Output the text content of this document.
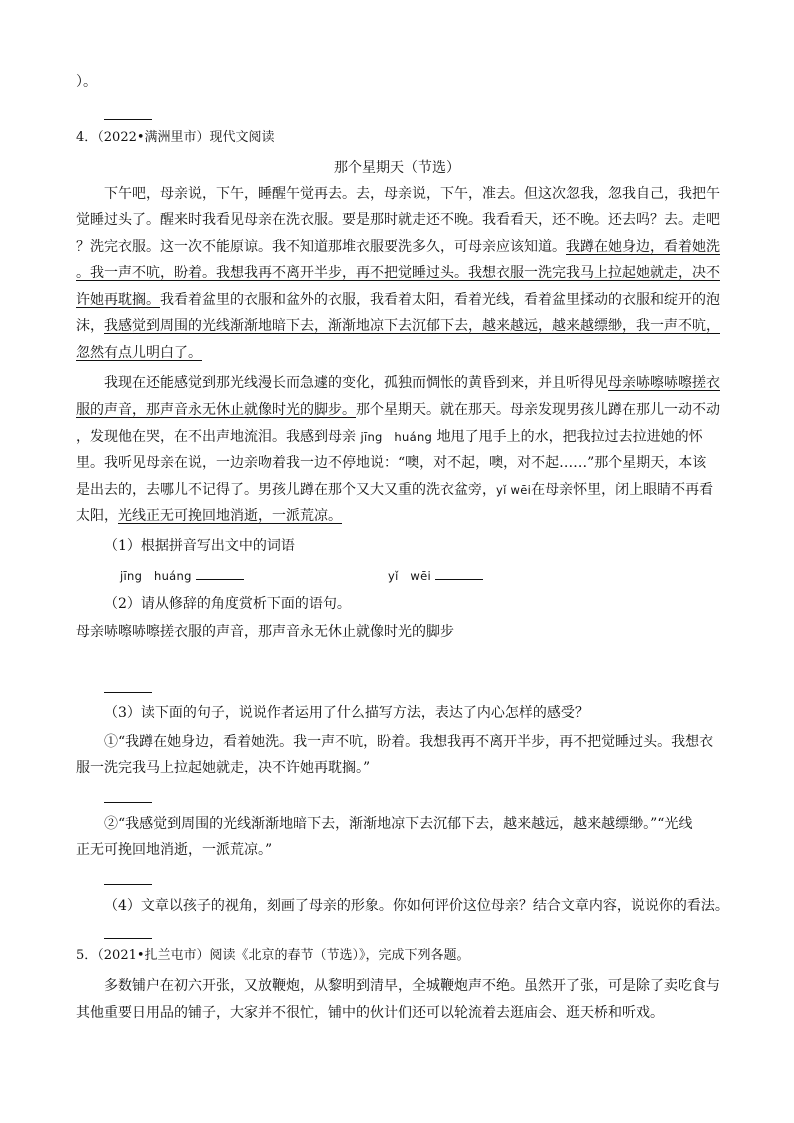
）。
4．（2022•满洲里市）现代文阅读
那个星期天（节选）
下午吧，母亲说，下午，睡醒午觉再去。去，母亲说，下午，准去。但这次忽我，忽我自己，我把午
觉睡过头了。醒来时我看见母亲在洗衣服。要是那时就走还不晚。我看看天，还不晚。还去吗？去。走吧
？洗完衣服。这一次不能原谅。我不知道那堆衣服要洗多久，可母亲应该知道。我蹲在她身边，看着她洗
。我一声不吭，盼着。我想我再不离开半步，再不把觉睡过头。我想衣服一洗完我马上拉起她就走，决不
许她再耽搁。我看着盆里的衣服和盆外的衣服，我看着太阳，看着光线，看着盆里揉动的衣服和绽开的泡
沫，我感觉到周围的光线渐渐地暗下去，渐渐地凉下去沉郁下去，越来越远，越来越缥缈，我一声不吭，
忽然有点儿明白了。
我现在还能感觉到那光线漫长而急遽的变化，孤独而惆怅的黄昏到来，并且听得见母亲哧嚓哧嚓搓衣
服的声音，那声音永无休止就像时光的脚步。那个星期天。就在那天。母亲发现男孩儿蹲在那儿一动不动
，发现他在哭，在不出声地流泪。我感到母亲 jīng　huáng 地甩了甩手上的水，把我拉过去拉进她的怀
里。我听见母亲在说，一边亲吻着我一边不停地说：“噢，对不起，噢，对不起……”那个星期天，本该
是出去的，去哪儿不记得了。男孩儿蹲在那个又大又重的洗衣盆旁，yǐ wēi在母亲怀里，闭上眼睛不再看
太阳，光线正无可挽回地消逝，一派荒凉。
（1）根据拼音写出文中的词语
jīng　huáng	yǐ　wēi
（2）请从修辞的角度赏析下面的语句。
母亲哧嚓哧嚓搓衣服的声音，那声音永无休止就像时光的脚步
（3）读下面的句子，说说作者运用了什么描写方法，表达了内心怎样的感受？
①“我蹲在她身边，看着她洗。我一声不吭，盼着。我想我再不离开半步，再不把觉睡过头。我想衣
服一洗完我马上拉起她就走，决不许她再耽搁。”
②“我感觉到周围的光线渐渐地暗下去，渐渐地凉下去沉郁下去，越来越远，越来越缥缈。”“光线
正无可挽回地消逝，一派荒凉。”
（4）文章以孩子的视角，刻画了母亲的形象。你如何评价这位母亲？结合文章内容，说说你的看法。
5．（2021•扎兰屯市）阅读《北京的春节（节选）》，完成下列各题。
多数铺户在初六开张，又放鞭炮，从黎明到清早，全城鞭炮声不绝。虽然开了张，可是除了卖吃食与
其他重要日用品的铺子，大家并不很忙，铺中的伙计们还可以轮流着去逛庙会、逛天桥和听戏。
